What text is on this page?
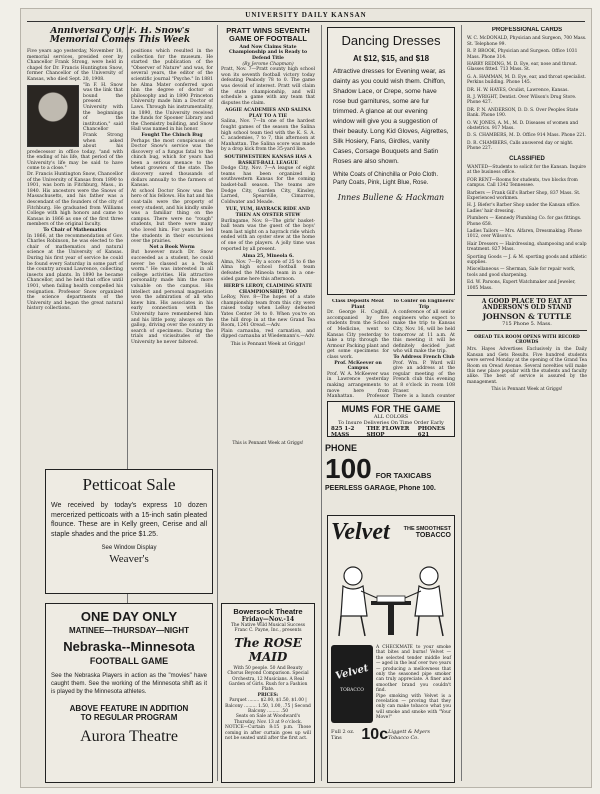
UNIVERSITY DAILY KANSAN
Anniversary Of F. H. Snow's
Memorial Comes This Week

Five years ago yesterday, November 18, memorial services, presided over by Chancellor Frank Strong, were held in chapel for Dr. Francis Huntington Snow, former Chancellor of the University of Kansas, who died Sept. 20, 1908.

"In F. H. Snow was the link that bound the present University with the beginnings of the institution," said Chancellor Frank Strong when asked about his predecessor in office today, "and with the ending of his life, that period of the University's life may be said to have come to a close."

Dr. Francis Huntington Snow, Chancellor of the University of Kansas from 1890 to 1901, was born in Fitchburg, Mass., in 1840. His ancestors were the Snows of Massachusetts, and his father was a descendant of the founders of the city of Fitchburg. He graduated from Williams College with high honors and came to Kansas in 1866 as one of the first three members of the original faculty.

To Chair of Mathematics

In 1866, at the recommendation of Gov. Charles Robinson, he was elected to the chair of mathematics and natural science at the University of Kansas. During his first year of service he could be found every Saturday in some part of the country around Lawrence, collecting insects and plants. In 1890 he became Chancellor, and he held that office until 1901, when failing health compelled his resignation. Professor Snow organized the science departments of the University and began the great natural history collections.

positions which resulted in the collection for the museum. He started the publication of the "Observer of Nature" and was, for several years, the editor of the scientific journal "Psyche." In 1881 he Alma Mater conferred upon him the degree of doctor of philosophy and in 1890 Princeton University made him a Doctor of Laws. Through his instrumentality, in 1890, the University received the funds for Spooner Library and the Chemistry building, and Snow Hall was named in his honor.

Fought The Chinch Bug

Perhaps the most conspicuous of Doctor Snow's service was the discovery of a fungus fatal to the chinch bug, which for years had been a serious menace to the wheat growers of the state. The discovery saved thousands of dollars annually to the farmers of Kansas.

At school Doctor Snow was the hero of his fellows. His hat and his coat-tails were the property of every student, and his kindly smile was a familiar thing on the campus. There were no "rough" students, but there were many who loved him. For years he led the students in their excursions over the prairies.

Not a Book Worm

But however much Dr. Snow succeeded as a student, he could never be classed as a "book worm." He was interested in all college activities. His attractive personality made him the more valuable on the campus. His intellect and personal magnetism won the admiration of all who knew him. His associates in his early connection with the University have remembered him and his little pony, always on the gallop, driving over the country in search of specimens. During the trials and vicissitudes of the University he never faltered.

Petticoat Sale
We received by today's express 10 dozen mercerized petticoats with a 15-inch satin pleated flounce. These are in Kelly green, Cerise and all staple shades and the price $1.25.
See Window Display
Weaver's
ONE DAY ONLY
MATINEE—THURSDAY—NIGHT
Nebraska--Minnesota
FOOTBALL GAME
See the Nebraska Players in action as the "movies" have caught them. See the working of the Minnesota shift as it is played by the Minnesota athletes.
ABOVE FEATURE IN ADDITION
TO REGULAR PROGRAM
Aurora Theatre
PRATT WINS SEVENTH
GAME OF FOOTBALL

And Now Claims State Championship and is Ready to Defend Title

(By Jerome Chapman)

Pratt, Nov. 7—Pratt county high school won its seventh football victory today defeating Peabody 78 to 0. The game was devoid of interest. Pratt will claim the state championship, and will schedule a game with any team that disputes the claim.

AGGIE ACADEMIES AND SALINA PLAY TO A TIE

Salina, Nov. 7—In one of the hardest fought games of the season the Salina high school team tied with the K. S. A. C. academies, 7 to 7, this afternoon at Manhattan. The Salina score was made by a drop kick from the 35-yard line.

SOUTHWESTERN KANSAS HAS A BASKET-BALL LEAGUE

Dodge City, Nov. 7—A league of eight teams has been organized in southwestern Kansas for the coming basket-ball season. The teams are Dodge City, Garden City, Kinsley, Larned, Spearville, Cimarron, Coldwater and Meade.

YUE, YUM, HAYRACK RIDE AND THEN AN OYSTER STEW

Burlingame, Nov. 8—The girls' basket-ball team was the guest of the boys' team last night on a hayrack ride which ended with an oyster stew at the home of one of the players. A jolly time was reported by all present.

Alma 25, Mineola 6.

Alma, Nov. 7—By a score of 25 to 6 the Alma high school football team defeated the Mineola team in a one-sided game here this afternoon.

HERB'S LEROY, CLAIMING STATE CHAMPIONSHIP, TOO

LeRoy, Nov. 8—The hopes of a state championship team from this city were raised today when LeRoy defeated Yates Center 34 to 0. When you're on the hill drop in at the new Grand Tea Room, 1241 Oread.—Adv.

Plain carnauba, red carnation, and dipped carnauba at Wiedemann's.—Adv.

This is Pennant Week at Griggs!

Bowersock Theatre
Friday—Nov.-14

The Native Wild Musical Success Franc C. Payne, Inc., presents

The ROSE MAID

With 50 people. 50 And Beauty Chorus Beyond Comparison. Special Orchestra, 12 Musicians. A Real Garden of Girls. Rush for a Fashion Plate.

PRICES:

Parquet ........ $2.00, $1.50, $1.00 | Balcony ......... 1.50, 1.00, .75 | Second Balcony ......... .50

Seats on Sale at Woodward's Thursday, Nov. 13 at 9 o'clock.

NOTICE—Curtain 8:15 p.m. Those coming in after curtain goes up will not be seated until after the first act.

This is Pennant Week at Griggs!
Dancing Dresses
At $12, $15, and $18
Attractive dresses for Evening wear, as dainty as you could wish them. Chiffon, Shadow Lace, or Crepe, some have rose bud garnitures, some are fur trimmed. A glance at our evening window will give you a suggestion of their beauty. Long Kid Gloves, Aigrettes, Silk Hosiery, Fans, Girdles, vanity Cases, Corsage Bouquets and Satin Roses are also shown.
White Coats of Chinchilla or Polo Cloth. Party Coats, Pink, Light Blue, Rose.
Innes Bullene & Hackman

Class Deposits Meat Plant

Dr. George H. Coghill, accompanied by five students from the School of Medicine, went to Kansas City yesterday to take a trip through the Armour Packing plant and get some specimens for class work.

Prof. McKeever on Campus

Prof. W. A. McKeever was in Lawrence yesterday making arrangements to move here from Manhattan. Professor

To Confer on Engineers' Trip

A conference of all senior engineers who expect to make the trip to Kansas City, Nov. 16, will be held tomorrow at 11 a.m. At this meeting it will be definitely decided just who will make the trip.

To Address French Club

Prof. Wm. P. Ward will give an address at the regular meeting of the French club this evening at 8 o'clock in room 108 Fraser.

There is a lunch counter

MUMS FOR THE GAME
ALL COLORS
To Insure Deliveries On Time Order Early
825 1-2 MASS
THE FLOWER SHOP
PHONES 621
PHONE
100 FOR TAXICABS
PEERLESS GARAGE, Phone 100.
Velvet	THE SMOOTHEST
TOBACCO
Velvet
TOBACCO

A CHECKMATE to your smoke that bites and burns! Velvet — the selected tender middle leaf — aged in the leaf over two years — producing a mellowness that only the seasoned pipe smoker can truly appreciate. A finer and smoother brand you couldn't find.

Pipe smoking with Velvet is a revelation — proving that they only can make tobacco what you will smoke and smoke with "Your Move!"

Full 2 oz. Tins	10c Liggett & Myers Tobacco Co.
PROFESSIONAL CARDS

W. C. McDONALD, Physician and Surgeon, 700 Mass. St. Telephone 99.

R. P. BROOK, Physician and Surgeon. Office 1031 Mass. Phone 314.

HARRY REDING, M. D. Eye, ear, nose and throat. Glasses fitted. 713 Mass. St.

G. A. HAMMAN, M. D. Eye, ear, and throat specialist. Perkins building. Phone 145.

DR. H. W. HAYES, Oculist, Lawrence, Kansas.

R. J. WRIGHT, Dentist. Over Wilson's Drug Store. Phone 427.

DR. P. N. ANDERSON, D. D. S. Over Peoples State Bank. Phone 190.

O. W. JONES, A. M., M. D. Diseases of women and obstetrics. 917 Mass.

D. S. CHAMBERS, M. D. Office 914 Mass. Phone 221.

D. R. CHAMBERS, Calls answered day or night. Phone 227.

CLASSIFIED

WANTED—Students to solicit for the Kansan. Inquire at the business office.

FOR RENT—Rooms for students, two blocks from campus. Call 1342 Tennessee.

Barbers — Frank Gill's Barber Shop, 837 Mass. St. Experienced workmen.

H. J. Biefer's Barber Shop under the Kansan office. Ladies' hair dressing.

Plumbers — Kennedy Plumbing Co. for gas fittings. Phone 658.

Ladies Tailors — Mrs. Alfaren, Dressmaking. Phone 1012, over Wilson's.

Hair Dressers — Hairdressing, shampooing and scalp treatment. 827 Mass.

Sporting Goods — J. & M. sporting goods and athletic supplies.

Miscellaneous — Sherman, Sale for repair work, tools and good sharpening.

Ed. W. Parsons, Expert Watchmaker and Jeweler, 1005 Mass.

A GOOD PLACE TO EAT AT ANDERSON'S OLD STAND
JOHNSON & TUTTLE
715 Phone 5. Mass.

OREAD TEA ROOM OPENS WITH RECORD CROWDS

Mrs. Hayes Advertises Exclusively in the Daily Kansan and Gets Results. Five hundred students were served Monday at the opening of the Grand Tea Room on Oread Avenue. Several novelties will make this new place popular with the students and faculty alike. The best of service is assured by the management.

This is Pennant Week at Griggs!
